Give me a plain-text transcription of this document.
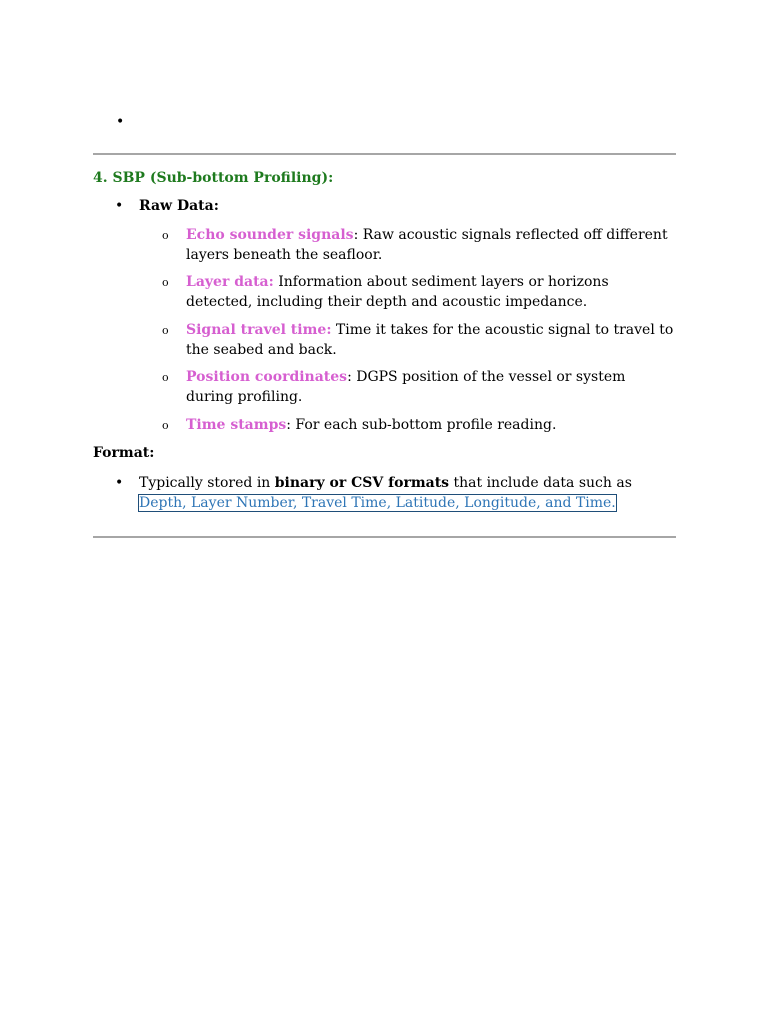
•
4. SBP (Sub-bottom Profiling):
• Raw Data:
o Echo sounder signals: Raw acoustic signals reflected off different layers beneath the seafloor.
o Layer data: Information about sediment layers or horizons detected, including their depth and acoustic impedance.
o Signal travel time: Time it takes for the acoustic signal to travel to the seabed and back.
o Position coordinates: DGPS position of the vessel or system during profiling.
o Time stamps: For each sub-bottom profile reading.
Format:
• Typically stored in binary or CSV formats that include data such as Depth, Layer Number, Travel Time, Latitude, Longitude, and Time.
